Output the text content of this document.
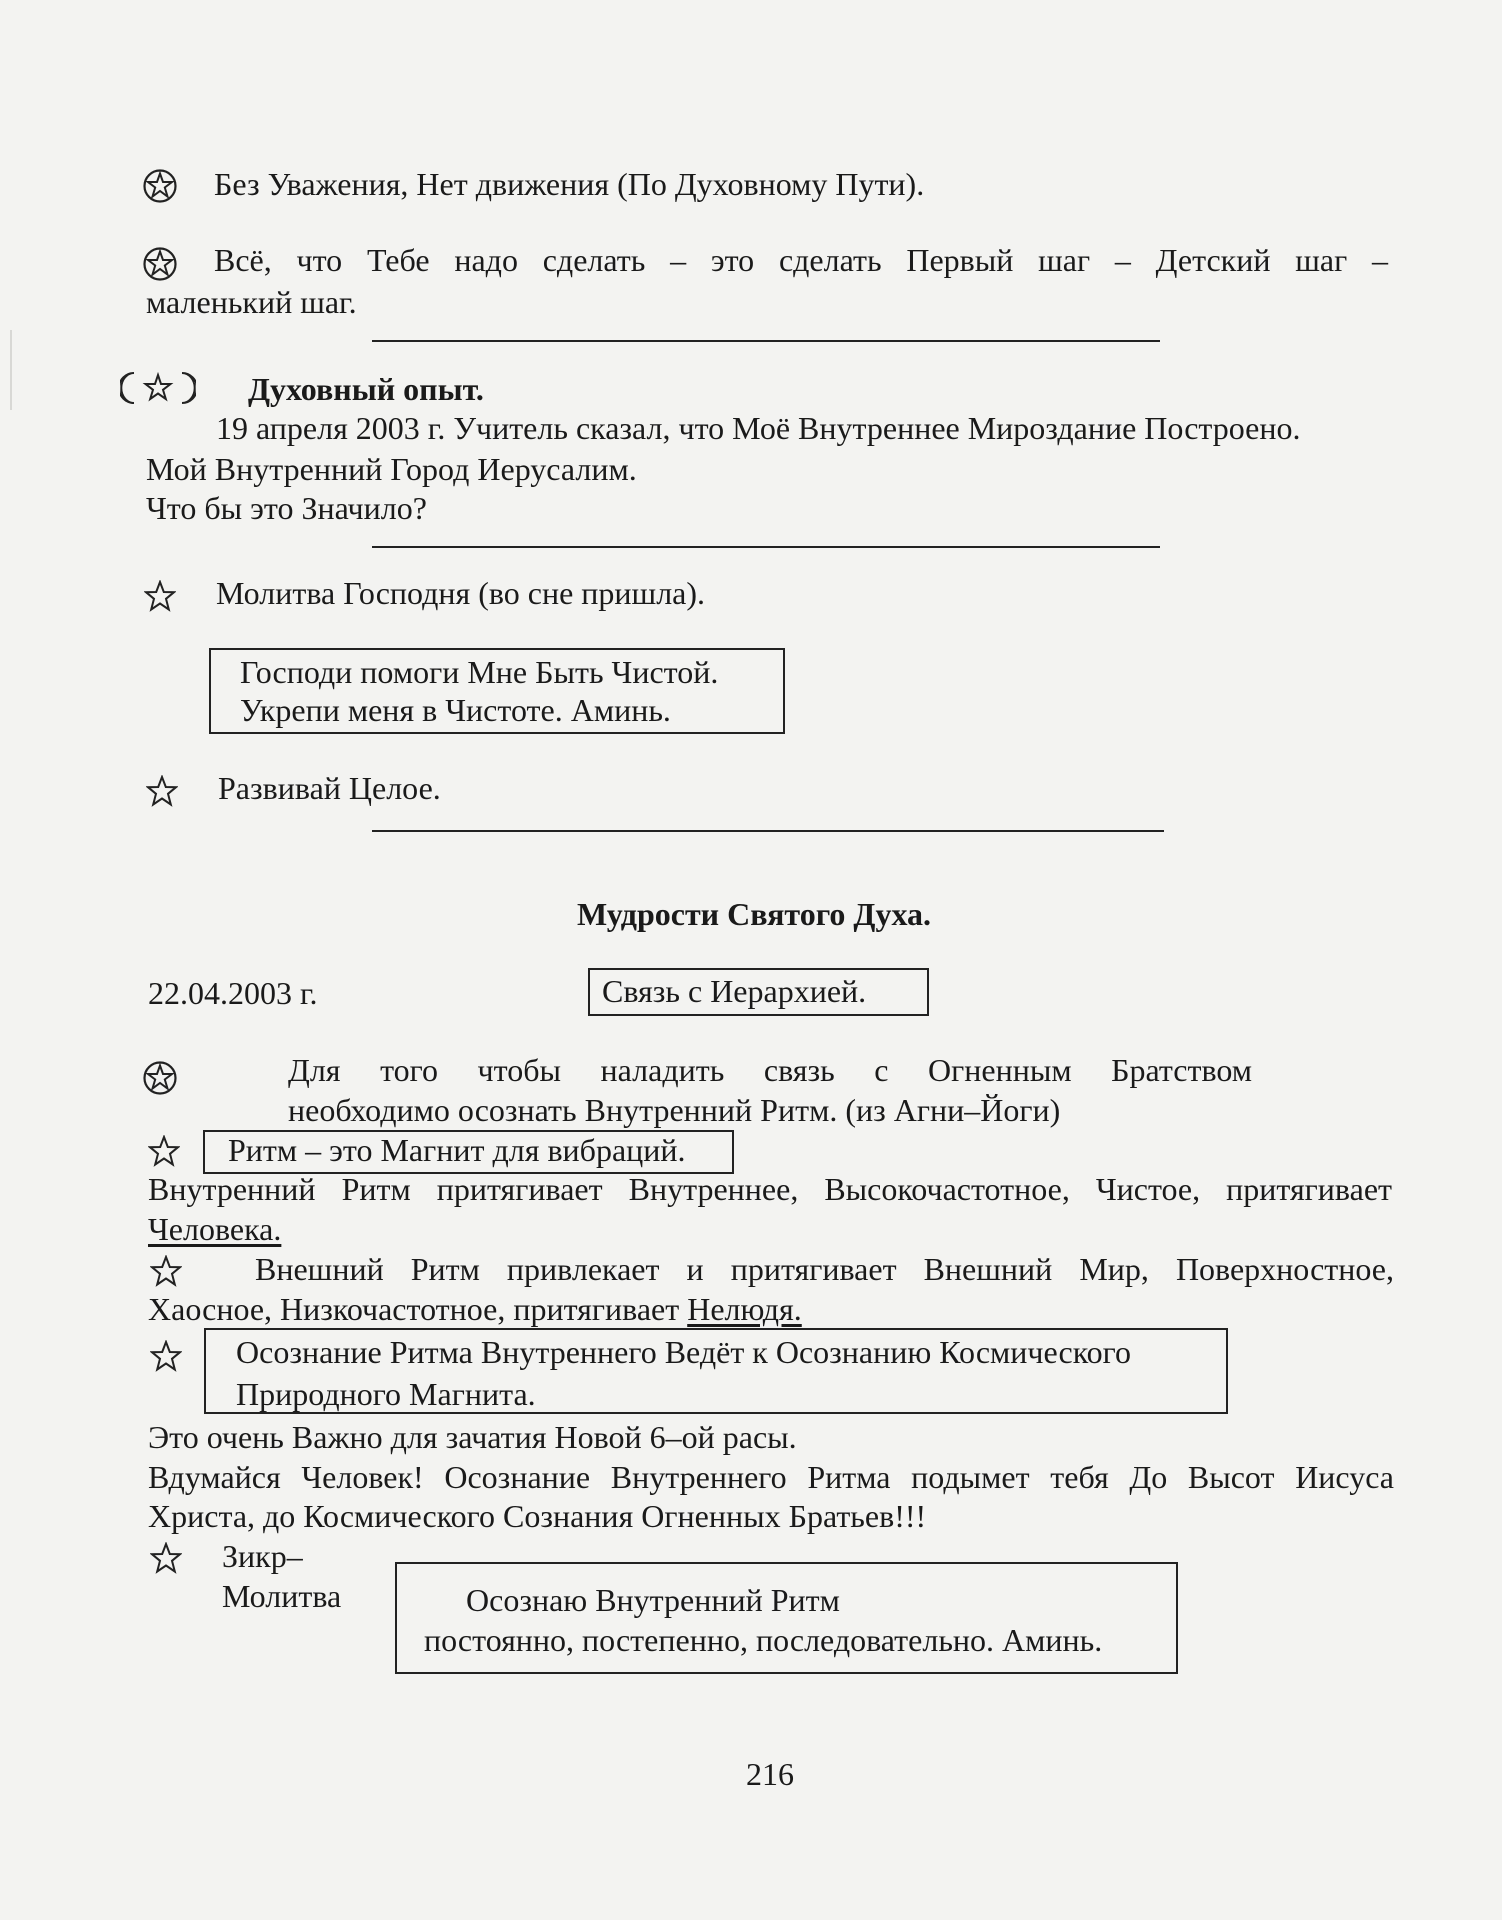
Без Уважения, Нет движения (По Духовному Пути).
Всё, что Тебе надо сделать – это сделать Первый шаг – Детский шаг –
маленький шаг.
Духовный опыт.
19 апреля 2003 г. Учитель сказал, что Моё Внутреннее Мироздание Построено.
Мой Внутренний Город Иерусалим.
Что бы это Значило?
Молитва Господня (во сне пришла).
Господи помоги Мне Быть Чистой.
Укрепи меня в Чистоте. Аминь.
Развивай Целое.
Мудрости Святого Духа.
22.04.2003 г.	Связь с Иерархией.
Для того чтобы наладить связь с Огненным Братством
необходимо осознать Внутренний Ритм. (из Агни–Йоги)
Ритм – это Магнит для вибраций.
Внутренний Ритм притягивает Внутреннее, Высокочастотное, Чистое, притягивает
Человека.
Внешний Ритм привлекает и притягивает Внешний Мир, Поверхностное,
Хаосное, Низкочастотное, притягивает Нелюдя.
Осознание Ритма Внутреннего Ведёт к Осознанию Космического
Природного Магнита.
Это очень Важно для зачатия Новой 6–ой расы.
Вдумайся Человек! Осознание Внутреннего Ритма подымет тебя До Высот Иисуса
Христа, до Космического Сознания Огненных Братьев!!!
Зикр–
Молитва	Осознаю Внутренний Ритм
постоянно, постепенно, последовательно. Аминь.
216
